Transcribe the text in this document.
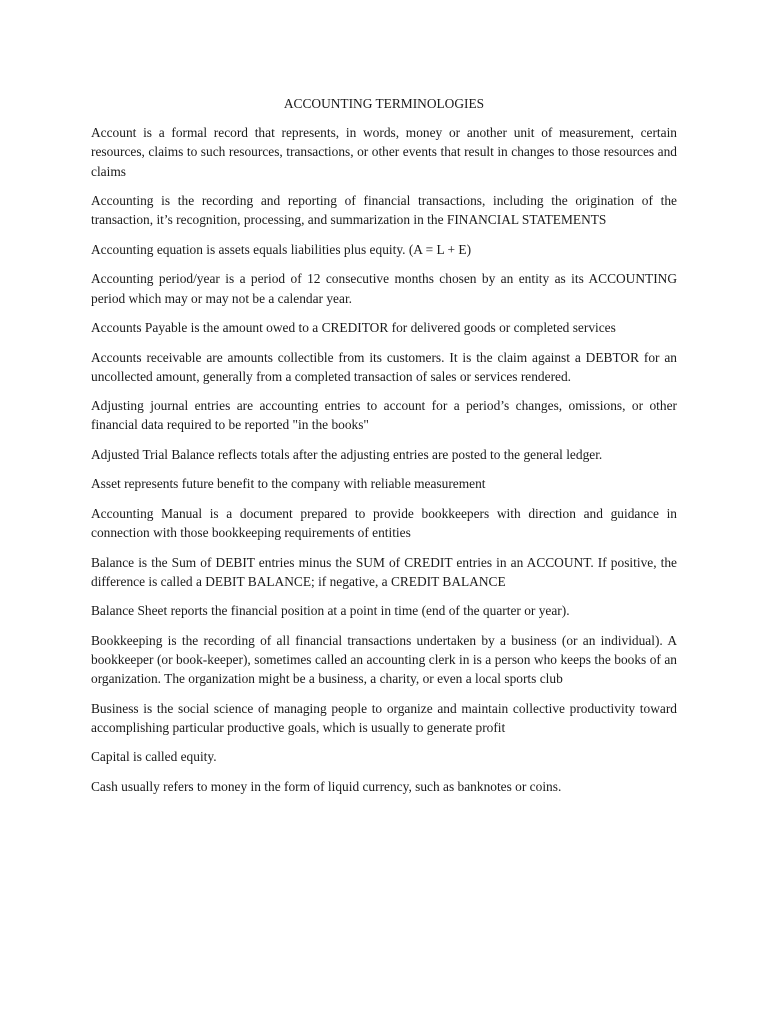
ACCOUNTING TERMINOLOGIES

Account is a formal record that represents, in words, money or another unit of measurement, certain resources, claims to such resources, transactions, or other events that result in changes to those resources and claims

Accounting is the recording and reporting of financial transactions, including the origination of the transaction, it’s recognition, processing, and summarization in the FINANCIAL STATEMENTS

Accounting equation is assets equals liabilities plus equity. (A = L + E)

Accounting period/year is a period of 12 consecutive months chosen by an entity as its ACCOUNTING period which may or may not be a calendar year.

Accounts Payable is the amount owed to a CREDITOR for delivered goods or completed services

Accounts receivable are amounts collectible from its customers. It is the claim against a DEBTOR for an uncollected amount, generally from a completed transaction of sales or services rendered.

Adjusting journal entries are accounting entries to account for a period’s changes, omissions, or other financial data required to be reported "in the books"

Adjusted Trial Balance reflects totals after the adjusting entries are posted to the general ledger.

Asset represents future benefit to the company with reliable measurement

Accounting Manual is a document prepared to provide bookkeepers with direction and guidance in connection with those bookkeeping requirements of entities

Balance is the Sum of DEBIT entries minus the SUM of CREDIT entries in an ACCOUNT. If positive, the difference is called a DEBIT BALANCE; if negative, a CREDIT BALANCE

Balance Sheet reports the financial position at a point in time (end of the quarter or year).

Bookkeeping is the recording of all financial transactions undertaken by a business (or an individual). A bookkeeper (or book-keeper), sometimes called an accounting clerk in is a person who keeps the books of an organization. The organization might be a business, a charity, or even a local sports club

Business is the social science of managing people to organize and maintain collective productivity toward accomplishing particular productive goals, which is usually to generate profit

Capital is called equity.

Cash usually refers to money in the form of liquid currency, such as banknotes or coins.
